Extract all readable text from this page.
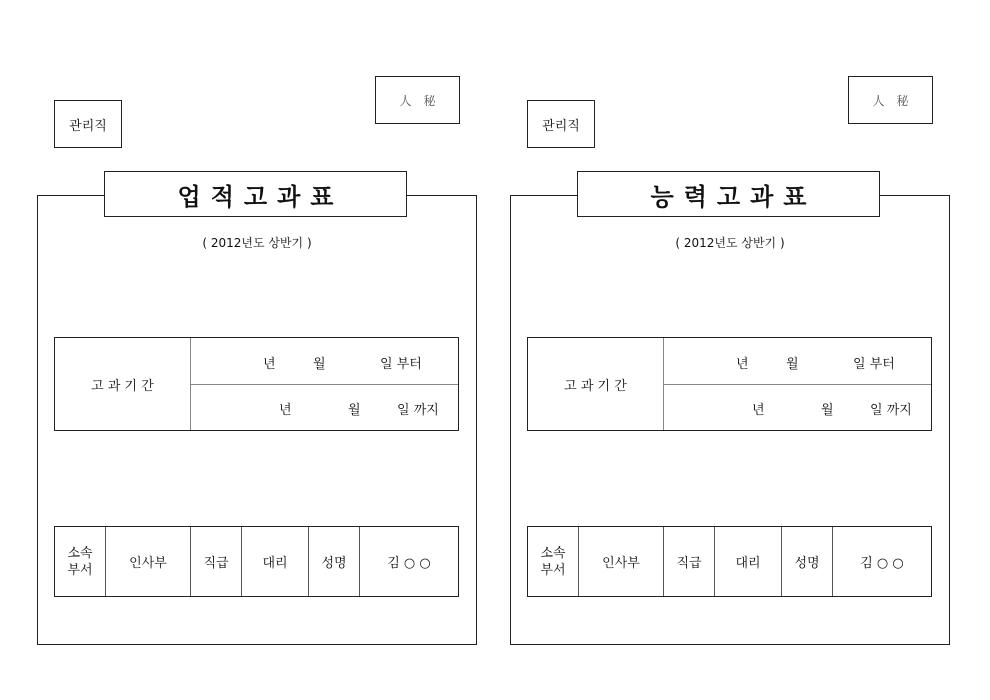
관리직
人　秘
업적고과표
( 2012년도 상반기 )
고 과 기 간
년	월	일 부터
년	월	일 까지
소속
부서	인사부	직급	대리	성명	김 ○ ○
관리직
人　秘
능력고과표
( 2012년도 상반기 )
고 과 기 간
년	월	일 부터
년	월	일 까지
소속
부서	인사부	직급	대리	성명	김 ○ ○
